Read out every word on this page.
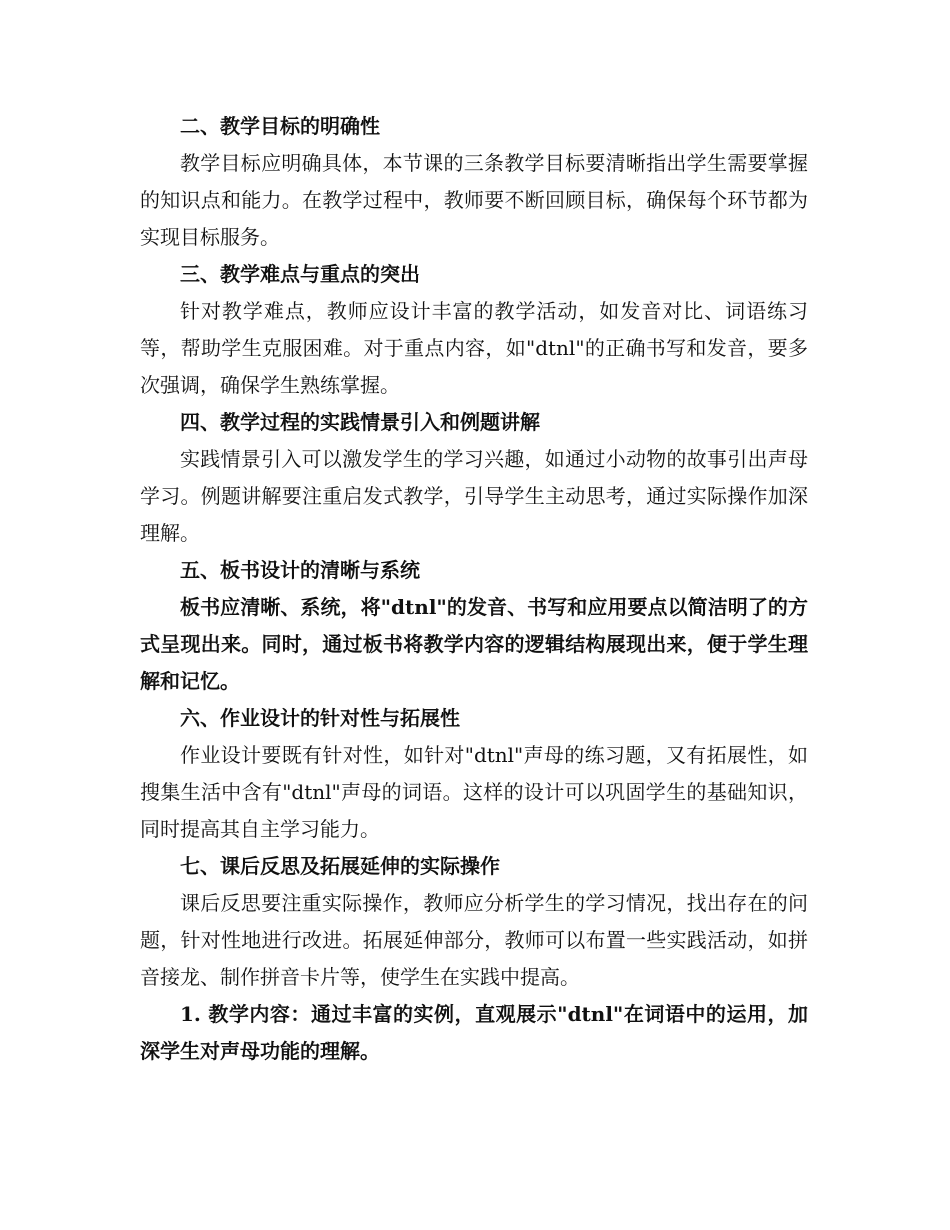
二、教学目标的明确性

教学目标应明确具体，本节课的三条教学目标要清晰指出学生需要掌握的知识点和能力。在教学过程中，教师要不断回顾目标，确保每个环节都为实现目标服务。

三、教学难点与重点的突出

针对教学难点，教师应设计丰富的教学活动，如发音对比、词语练习等，帮助学生克服困难。对于重点内容，如"dtnl"的正确书写和发音，要多次强调，确保学生熟练掌握。

四、教学过程的实践情景引入和例题讲解

实践情景引入可以激发学生的学习兴趣，如通过小动物的故事引出声母学习。例题讲解要注重启发式教学，引导学生主动思考，通过实际操作加深理解。

五、板书设计的清晰与系统

板书应清晰、系统，将"dtnl"的发音、书写和应用要点以简洁明了的方式呈现出来。同时，通过板书将教学内容的逻辑结构展现出来，便于学生理解和记忆。

六、作业设计的针对性与拓展性

作业设计要既有针对性，如针对"dtnl"声母的练习题，又有拓展性，如搜集生活中含有"dtnl"声母的词语。这样的设计可以巩固学生的基础知识，同时提高其自主学习能力。

七、课后反思及拓展延伸的实际操作

课后反思要注重实际操作，教师应分析学生的学习情况，找出存在的问题，针对性地进行改进。拓展延伸部分，教师可以布置一些实践活动，如拼音接龙、制作拼音卡片等，使学生在实践中提高。

1. 教学内容：通过丰富的实例，直观展示"dtnl"在词语中的运用，加深学生对声母功能的理解。
